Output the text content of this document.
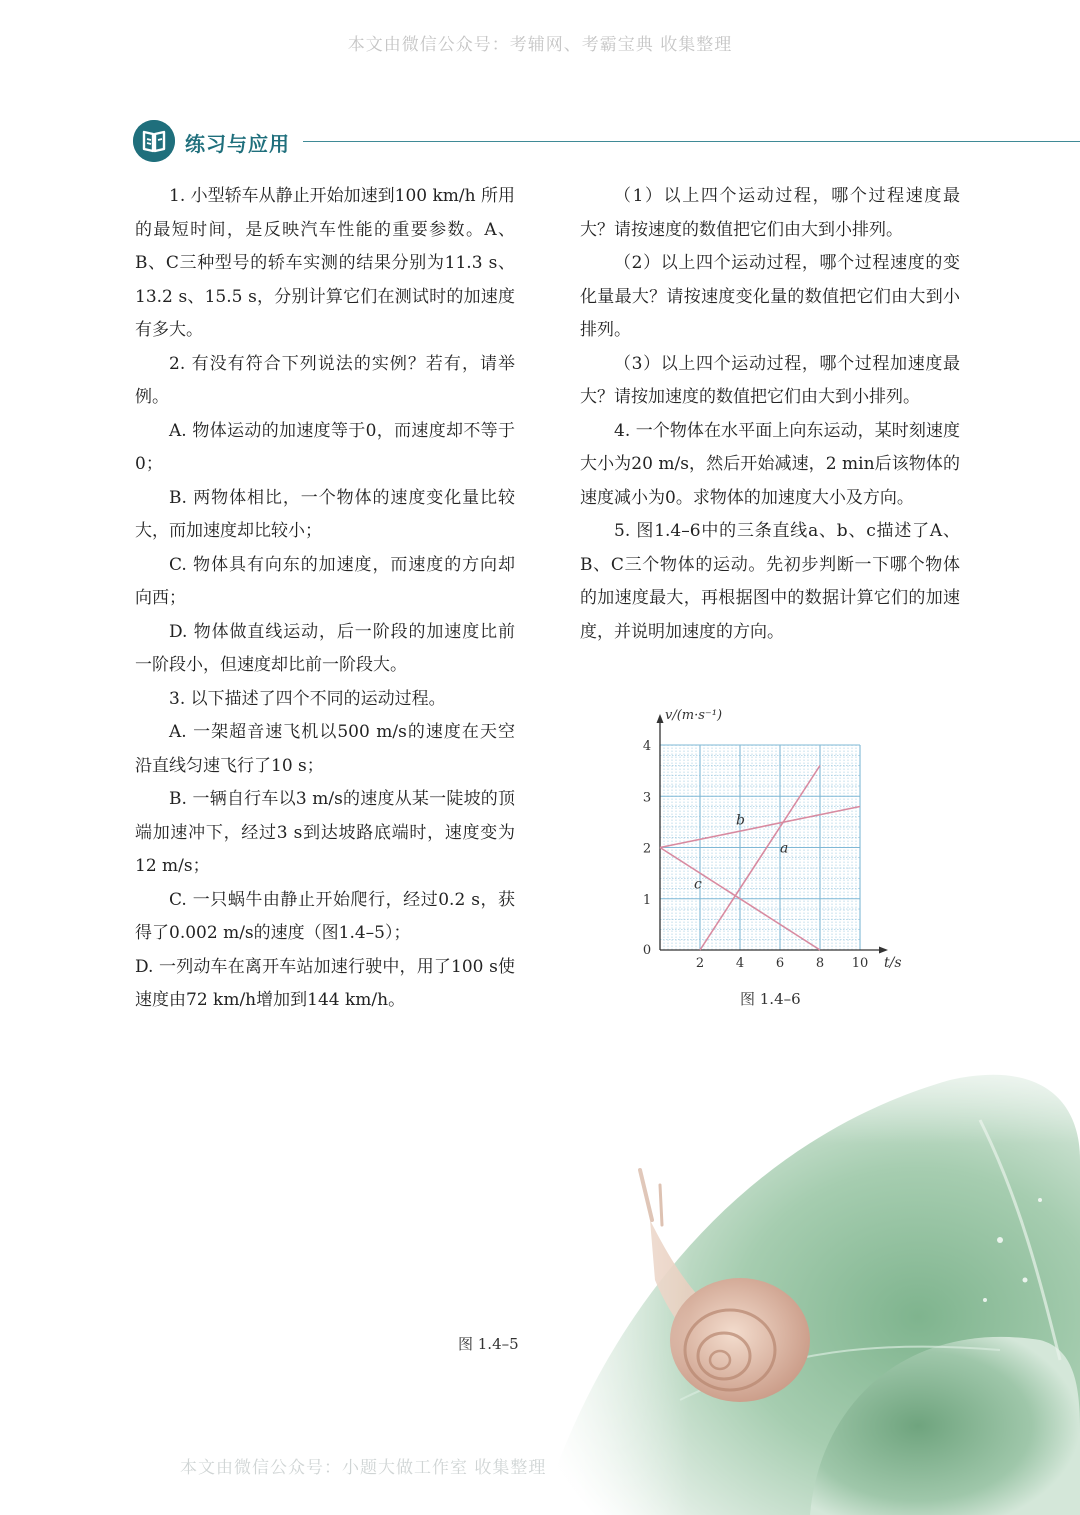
本文由微信公众号：考辅网、考霸宝典 收集整理
练习与应用

1. 小型轿车从静止开始加速到100 km/h 所用的最短时间，是反映汽车性能的重要参数。A、B、C三种型号的轿车实测的结果分别为11.3 s、13.2 s、15.5 s，分别计算它们在测试时的加速度有多大。

2. 有没有符合下列说法的实例？若有，请举例。

A. 物体运动的加速度等于0，而速度却不等于0；

B. 两物体相比，一个物体的速度变化量比较大，而加速度却比较小；

C. 物体具有向东的加速度，而速度的方向却向西；

D. 物体做直线运动，后一阶段的加速度比前一阶段小，但速度却比前一阶段大。

3. 以下描述了四个不同的运动过程。

A. 一架超音速飞机以500 m/s的速度在天空沿直线匀速飞行了10 s；

B. 一辆自行车以3 m/s的速度从某一陡坡的顶端加速冲下，经过3 s到达坡路底端时，速度变为12 m/s；

C. 一只蜗牛由静止开始爬行，经过0.2 s，获得了0.002 m/s的速度（图1.4–5）；

D. 一列动车在离开车站加速行驶中，用了100 s使速度由72 km/h增加到144 km/h。

（1）以上四个运动过程，哪个过程速度最大？请按速度的数值把它们由大到小排列。

（2）以上四个运动过程，哪个过程速度的变化量最大？请按速度变化量的数值把它们由大到小排列。

（3）以上四个运动过程，哪个过程加速度最大？请按加速度的数值把它们由大到小排列。

4. 一个物体在水平面上向东运动，某时刻速度大小为20 m/s，然后开始减速，2 min后该物体的速度减小为0。求物体的加速度大小及方向。

5. 图1.4–6中的三条直线a、b、c描述了A、B、C三个物体的运动。先初步判断一下哪个物体的加速度最大，再根据图中的数据计算它们的加速度，并说明加速度的方向。

2 4 6 8 10
0
1
2
3
4
t/s
v/(m·s⁻¹)
a
b
c
图 1.4–6
图 1.4–5
本文由微信公众号：小题大做工作室 收集整理
